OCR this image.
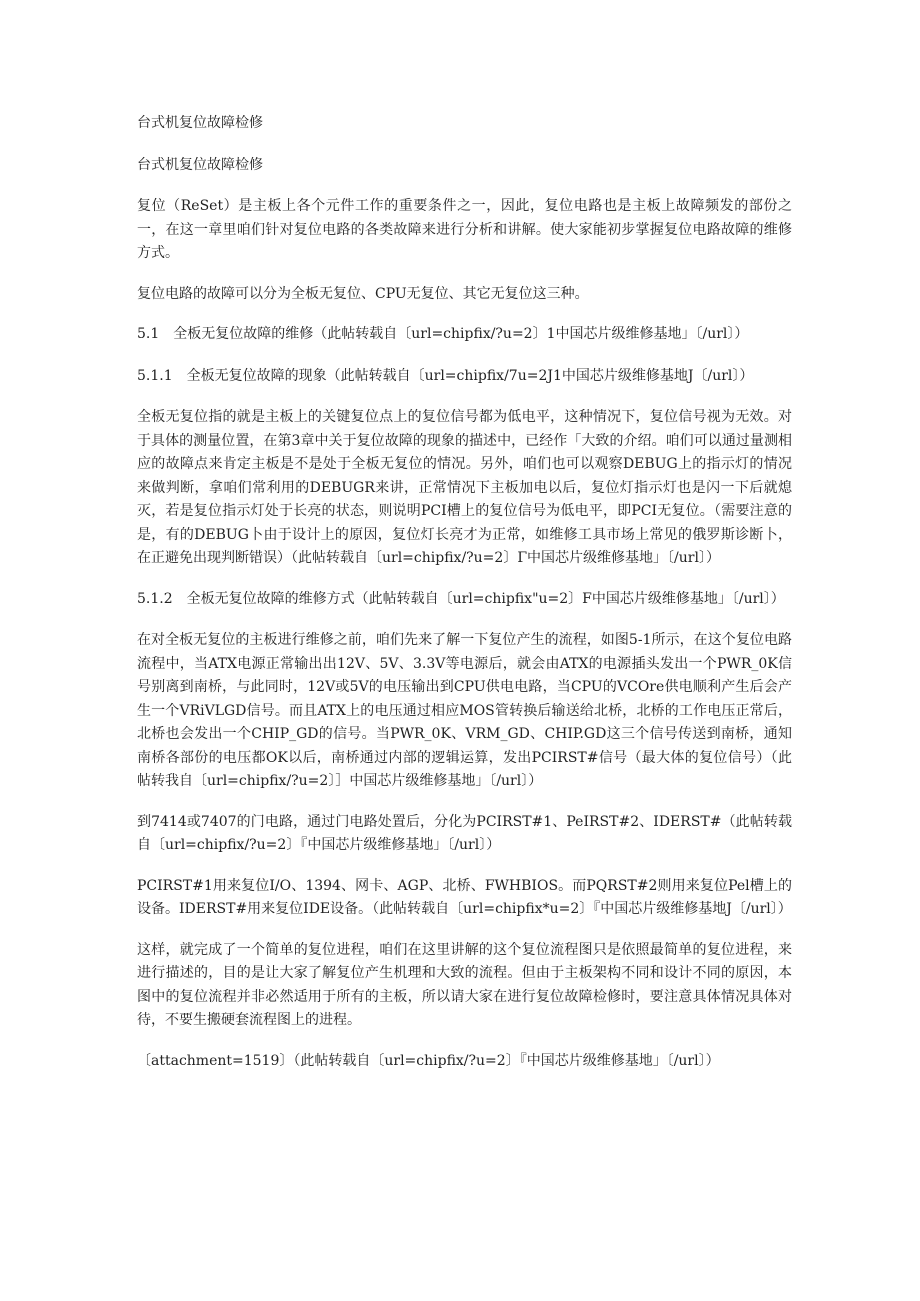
台式机复位故障检修

台式机复位故障检修

复位（ReSet）是主板上各个元件工作的重要条件之一，因此，复位电路也是主板上故障频发的部份之一，在这一章里咱们针对复位电路的各类故障来进行分析和讲解。使大家能初步掌握复位电路故障的维修方式。

复位电路的故障可以分为全板无复位、CPU无复位、其它无复位这三种。

5.1　全板无复位故障的维修（此帖转载自〔url=chipfix/?u=2〕1中国芯片级维修基地」〔/url〕）

5.1.1　全板无复位故障的现象（此帖转载自〔url=chipfix/7u=2J1中国芯片级维修基地J〔/url〕）

全板无复位指的就是主板上的关键复位点上的复位信号都为低电平，这种情况下，复位信号视为无效。对于具体的测量位置，在第3章中关于复位故障的现象的描述中，已经作「大致的介绍。咱们可以通过量测相应的故障点来肯定主板是不是处于全板无复位的情况。另外，咱们也可以观察DEBUG上的指示灯的情况来做判断，拿咱们常利用的DEBUGR来讲，正常情况下主板加电以后，复位灯指示灯也是闪一下后就熄灭，若是复位指示灯处于长亮的状态，则说明PCI槽上的复位信号为低电平，即PCI无复位。（需要注意的是，有的DEBUG卜由于设计上的原因，复位灯长亮才为正常，如维修工具市场上常见的俄罗斯诊断卜，在正避免出现判断错误）（此帖转载自〔url=chipfix/?u=2〕Γ中国芯片级维修基地」〔/url〕）

5.1.2　全板无复位故障的维修方式（此帖转载自〔url=chipfix"u=2〕F中国芯片级维修基地」〔/url〕）

在对全板无复位的主板进行维修之前，咱们先来了解一下复位产生的流程，如图5-1所示，在这个复位电路流程中，当ATX电源正常输出出12V、5V、3.3V等电源后，就会由ATX的电源插头发出一个PWR_0K信号别离到南桥，与此同时，12V或5V的电压输出到CPU供电电路，当CPU的VCOre供电顺利产生后会产生一个VRiVLGD信号。而且ATX上的电压通过相应MOS管转换后输送给北桥，北桥的工作电压正常后，北桥也会发出一个CHIP_GD的信号。当PWR_0K、VRM_GD、CHIP.GD这三个信号传送到南桥，通知南桥各部份的电压都OK以后，南桥通过内部的逻辑运算，发出PCIRST#信号（最大体的复位信号）（此帖转我自〔url=chipfix/?u=2〕］中国芯片级维修基地」〔/url〕）

到7414或7407的门电路，通过门电路处置后，分化为PCIRST#1、PeIRST#2、IDERST#（此帖转载自〔url=chipfix/?u=2〕『中国芯片级维修基地」〔/url〕）

PCIRST#1用来复位I/O、1394、网卡、AGP、北桥、FWHBIOS。而PQRST#2则用来复位Pel槽上的设备。IDERST#用来复位IDE设备。（此帖转载自〔url=chipfix*u=2〕『中国芯片级维修基地J〔/url〕）

这样，就完成了一个简单的复位进程，咱们在这里讲解的这个复位流程图只是依照最简单的复位进程，来进行描述的，目的是让大家了解复位产生机理和大致的流程。但由于主板架构不同和设计不同的原因，本图中的复位流程并非必然适用于所有的主板，所以请大家在进行复位故障检修时，要注意具体情况具体对待，不要生搬硬套流程图上的进程。

〔attachment=1519〕（此帖转载自〔url=chipfix/?u=2〕『中国芯片级维修基地」〔/url〕）
